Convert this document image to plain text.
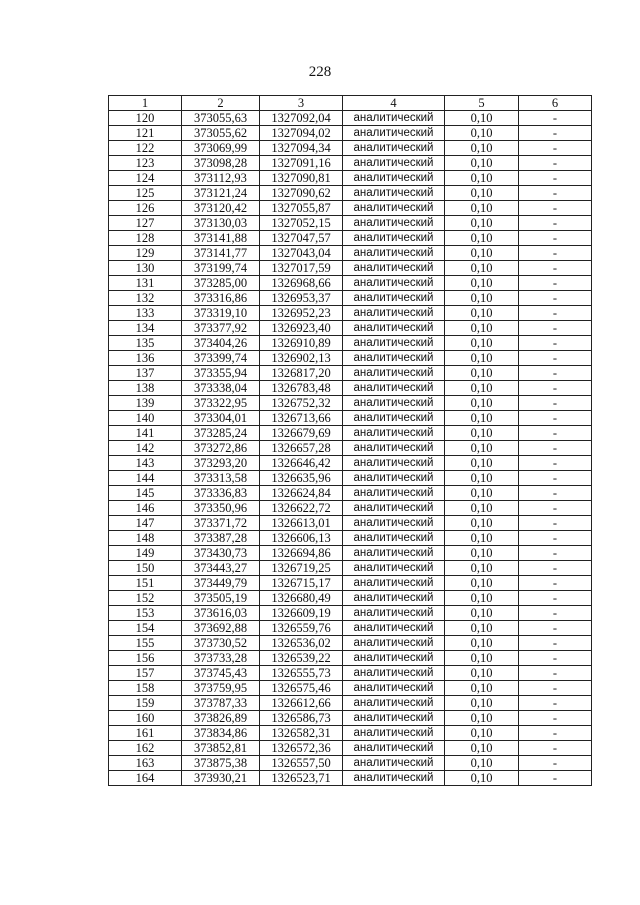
228
1	2	3	4	5	6
120	373055,63	1327092,04	аналитический	0,10	-
121	373055,62	1327094,02	аналитический	0,10	-
122	373069,99	1327094,34	аналитический	0,10	-
123	373098,28	1327091,16	аналитический	0,10	-
124	373112,93	1327090,81	аналитический	0,10	-
125	373121,24	1327090,62	аналитический	0,10	-
126	373120,42	1327055,87	аналитический	0,10	-
127	373130,03	1327052,15	аналитический	0,10	-
128	373141,88	1327047,57	аналитический	0,10	-
129	373141,77	1327043,04	аналитический	0,10	-
130	373199,74	1327017,59	аналитический	0,10	-
131	373285,00	1326968,66	аналитический	0,10	-
132	373316,86	1326953,37	аналитический	0,10	-
133	373319,10	1326952,23	аналитический	0,10	-
134	373377,92	1326923,40	аналитический	0,10	-
135	373404,26	1326910,89	аналитический	0,10	-
136	373399,74	1326902,13	аналитический	0,10	-
137	373355,94	1326817,20	аналитический	0,10	-
138	373338,04	1326783,48	аналитический	0,10	-
139	373322,95	1326752,32	аналитический	0,10	-
140	373304,01	1326713,66	аналитический	0,10	-
141	373285,24	1326679,69	аналитический	0,10	-
142	373272,86	1326657,28	аналитический	0,10	-
143	373293,20	1326646,42	аналитический	0,10	-
144	373313,58	1326635,96	аналитический	0,10	-
145	373336,83	1326624,84	аналитический	0,10	-
146	373350,96	1326622,72	аналитический	0,10	-
147	373371,72	1326613,01	аналитический	0,10	-
148	373387,28	1326606,13	аналитический	0,10	-
149	373430,73	1326694,86	аналитический	0,10	-
150	373443,27	1326719,25	аналитический	0,10	-
151	373449,79	1326715,17	аналитический	0,10	-
152	373505,19	1326680,49	аналитический	0,10	-
153	373616,03	1326609,19	аналитический	0,10	-
154	373692,88	1326559,76	аналитический	0,10	-
155	373730,52	1326536,02	аналитический	0,10	-
156	373733,28	1326539,22	аналитический	0,10	-
157	373745,43	1326555,73	аналитический	0,10	-
158	373759,95	1326575,46	аналитический	0,10	-
159	373787,33	1326612,66	аналитический	0,10	-
160	373826,89	1326586,73	аналитический	0,10	-
161	373834,86	1326582,31	аналитический	0,10	-
162	373852,81	1326572,36	аналитический	0,10	-
163	373875,38	1326557,50	аналитический	0,10	-
164	373930,21	1326523,71	аналитический	0,10	-
